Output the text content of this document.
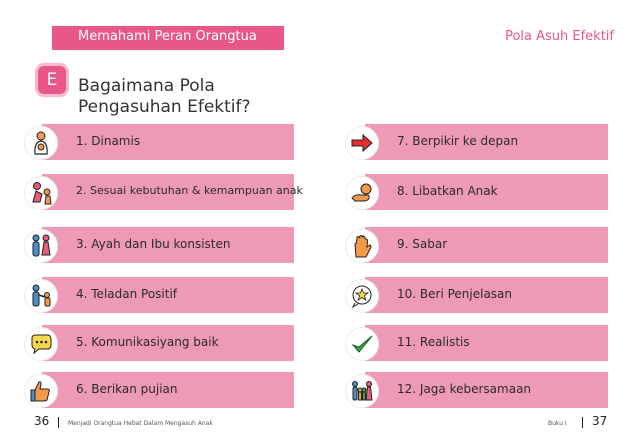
Memahami Peran Orangtua	Pola Asuh Efektif
E	Bagaimana Pola
Pengasuhan Efektif?
1. Dinamis
2. Sesuai kebutuhan & kemampuan anak
3. Ayah dan Ibu konsisten
4. Teladan Positif
5. Komunikasiyang baik
6. Berikan pujian
7. Berpikir ke depan
8. Libatkan Anak
9. Sabar
10. Beri Penjelasan
11. Realistis
12. Jaga kebersamaan
36	Menjadi Orangtua Hebat Dalam Mengasuh Anak	Buku I 37
